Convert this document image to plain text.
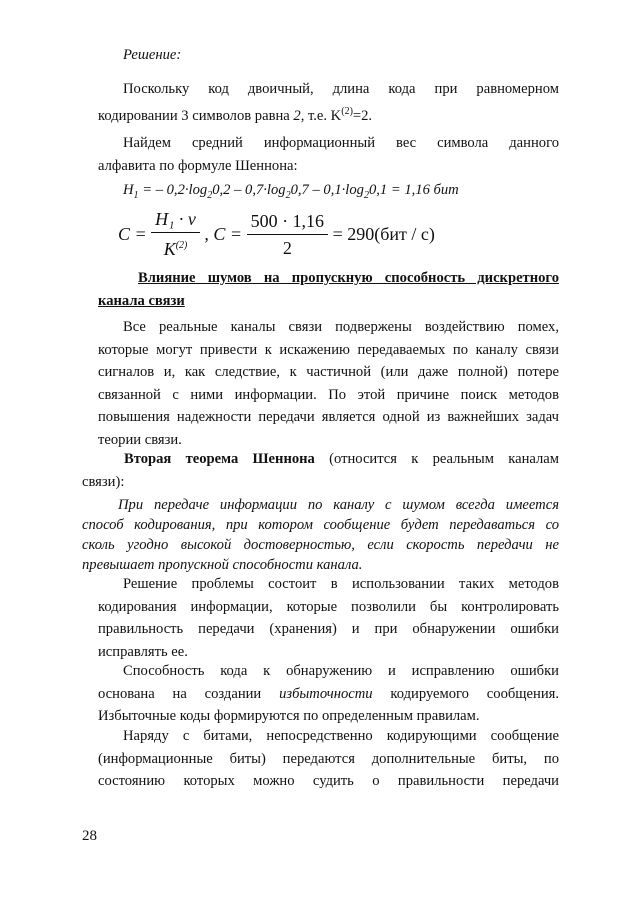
Решение:
Поскольку код двоичный, длина кода при равномерном
кодировании 3 символов равна 2, т.е. $K^{(2)}=2$.
Найдем средний информационный вес символа данного
алфавита по формуле Шеннона:
$H_1$ = – $0,2\cdot\log_20,2 - 0,7\cdot\log_20,7 - 0,1\cdot\log_20,1 = 1,16$ бит
$C = \frac{\text{H₁ · ν}}{K^{(2)}}$ , $C = \frac{500 \cdot 1,16}{2} = 290(бит / с)$
Влияние шумов на пропускную способность дискретного
канала связи
Все реальные каналы связи подвержены воздействию помех,
которые могут привести к искажению передаваемых по каналу связи
сигналов и, как следствие, к частичной (или даже полной) потере
связанной с ними информации. По этой причине поиск методов
повышения надежности передачи является одной из важнейших задач
теории связи.
Вторая теорема Шеннона (относится к реальным каналам
связи):
При передаче информации по каналу с шумом всегда имеется
способ кодирования, при котором сообщение будет передаваться со
сколь угодно высокой достоверностью, если скорость передачи не
превышает пропускной способности канала.
Решение проблемы состоит в использовании таких методов
кодирования информации, которые позволили бы контролировать
правильность передачи (хранения) и при обнаружении ошибки
исправлять ее.
Способность кода к обнаружению и исправлению ошибки
основана на создании избыточности кодируемого сообщения.
Избыточные коды формируются по определенным правилам.
Наряду с битами, непосредственно кодирующими сообщение
(информационные биты) передаются дополнительные биты, по
состоянию которых можно судить о правильности передачи
28
